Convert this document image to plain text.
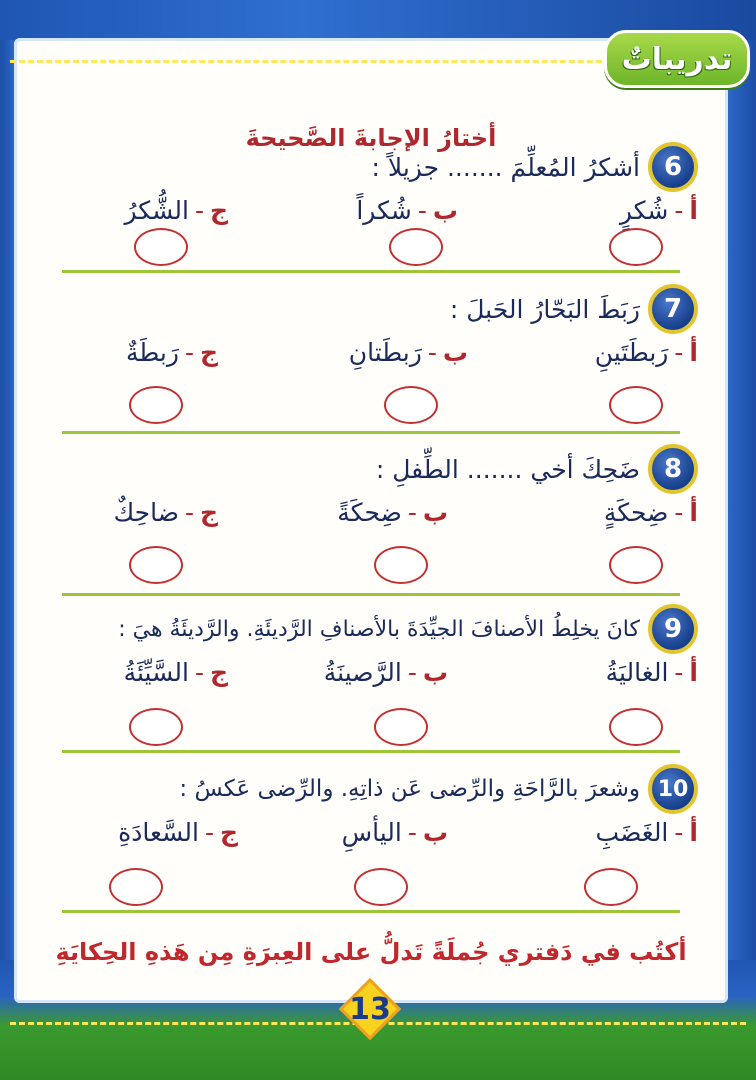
أختارُ الإجابةَ الصَّحيحةَ
6
أشكرُ المُعلِّمَ ....... جزيلاً :
أ
-
شُكرٍ
ب
-
شُكراً
ج
-
الشُّكرُ
7
رَبَطَ البَحّارُ الحَبلَ :
أ
-
رَبطَتَينِ
ب
-
رَبطَتانِ
ج
-
رَبطَةٌ
8
ضَحِكَ أخي ....... الطِّفلِ :
أ
-
ضِحكَةٍ
ب
-
ضِحكَةً
ج
-
ضاحِكٌ
9
كانَ يخلِطُ الأصنافَ الجيِّدَةَ بالأصنافِ الرَّديئَةِ. والرَّديئَةُ هيَ :
أ
-
الغاليَةُ
ب
-
الرَّصينَةُ
ج
-
السَّيِّئَةُ
10
وشعرَ بالرَّاحَةِ والرِّضى عَن ذاتِهِ. والرِّضى عَكسُ :
أ
-
الغَضَبِ
ب
-
اليأسِ
ج
-
السَّعادَةِ
أكتُب في دَفتري جُملَةً تَدلُّ على العِبرَةِ مِن هَذهِ الحِكايَةِ
تدريباتٌ
13
